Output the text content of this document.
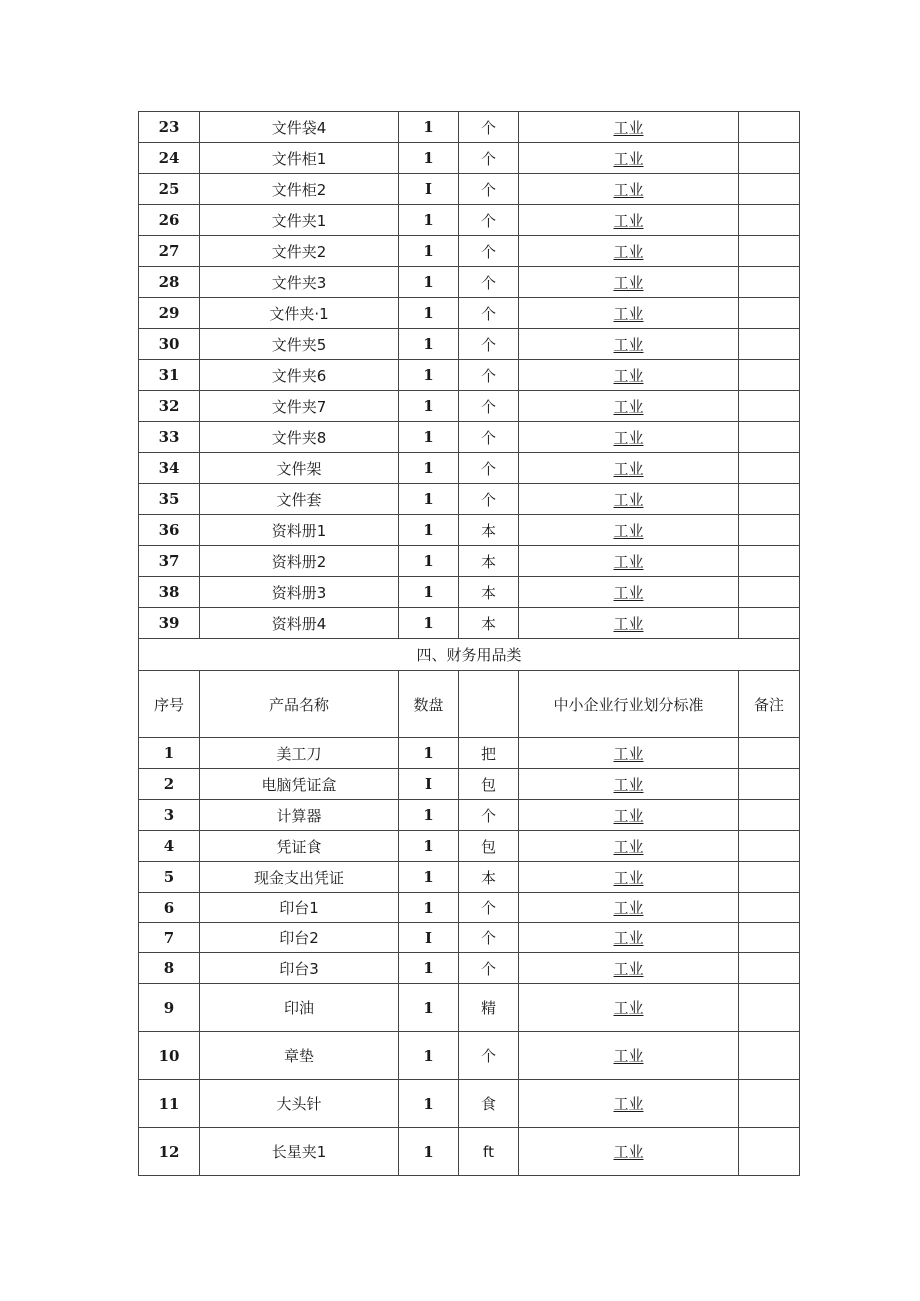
23	文件袋4	1	个	工业	
24	文件柜1	1	个	工业	
25	文件柜2	I	个	工业	
26	文件夹1	1	个	工业	
27	文件夹2	1	个	工业	
28	文件夹3	1	个	工业	
29	文件夹·1	1	个	工业	
30	文件夹5	1	个	工业	
31	文件夹6	1	个	工业	
32	文件夹7	1	个	工业	
33	文件夹8	1	个	工业	
34	文件架	1	个	工业	
35	文件套	1	个	工业	
36	资料册1	1	本	工业	
37	资料册2	1	本	工业	
38	资料册3	1	本	工业	
39	资料册4	1	本	工业	
四、财务用品类					
序号	产品名称	数盘		中小企业行业划分标准	备注
1	美工刀	1	把	工业	
2	电脑凭证盒	I	包	工业	
3	计算器	1	个	工业	
4	凭证食	1	包	工业	
5	现金支出凭证	1	本	工业	
6	印台1	1	个	工业	
7	印台2	I	个	工业	
8	印台3	1	个	工业	
9	印油	1	精	工业	
10	章垫	1	个	工业	
11	大头针	1	食	工业	
12	长星夹1	1	ft	工业	
